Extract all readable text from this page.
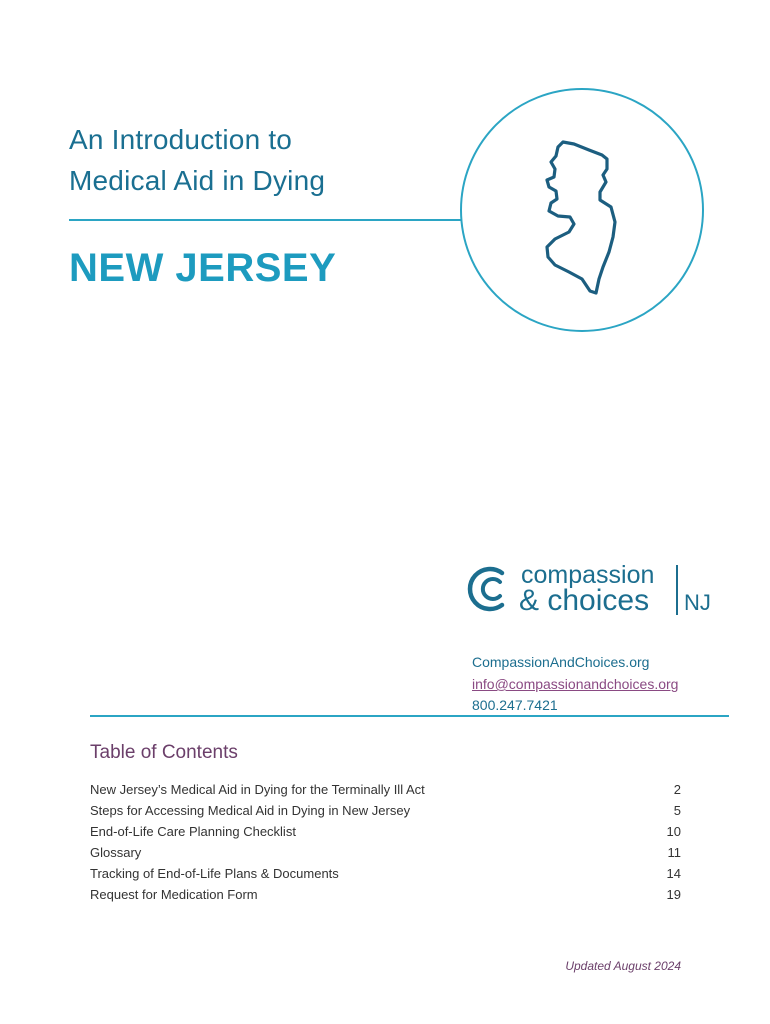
An Introduction to
Medical Aid in Dying
NEW JERSEY
compassion
& choices NJ
CompassionAndChoices.org
info@compassionandchoices.org
800.247.7421
Table of Contents
New Jersey’s Medical Aid in Dying for the Terminally Ill Act	2
Steps for Accessing Medical Aid in Dying in New Jersey	5
End-of-Life Care Planning Checklist	10
Glossary	11
Tracking of End-of-Life Plans & Documents	14
Request for Medication Form	19
Updated August 2024
